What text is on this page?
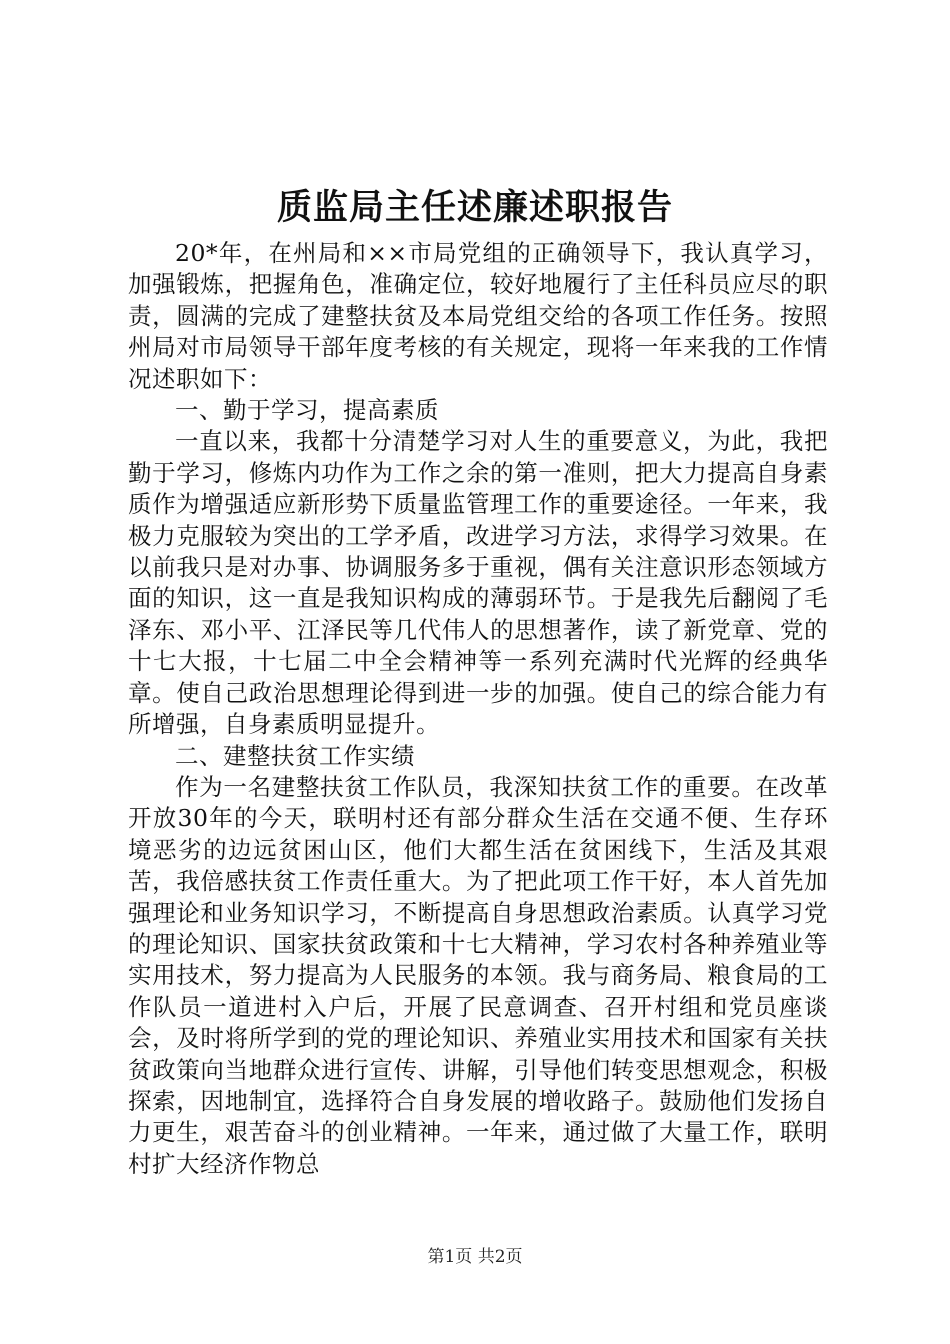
质监局主任述廉述职报告

20*年，在州局和××市局党组的正确领导下，我认真学习，加强锻炼，把握角色，准确定位，较好地履行了主任科员应尽的职责，圆满的完成了建整扶贫及本局党组交给的各项工作任务。按照州局对市局领导干部年度考核的有关规定，现将一年来我的工作情况述职如下：

一、勤于学习，提高素质

一直以来，我都十分清楚学习对人生的重要意义，为此，我把勤于学习，修炼内功作为工作之余的第一准则，把大力提高自身素质作为增强适应新形势下质量监管理工作的重要途径。一年来，我极力克服较为突出的工学矛盾，改进学习方法，求得学习效果。在以前我只是对办事、协调服务多于重视，偶有关注意识形态领域方面的知识，这一直是我知识构成的薄弱环节。于是我先后翻阅了毛泽东、邓小平、江泽民等几代伟人的思想著作，读了新党章、党的十七大报，十七届二中全会精神等一系列充满时代光辉的经典华章。使自己政治思想理论得到进一步的加强。使自己的综合能力有所增强，自身素质明显提升。

二、建整扶贫工作实绩

作为一名建整扶贫工作队员，我深知扶贫工作的重要。在改革开放30年的今天，联明村还有部分群众生活在交通不便、生存环境恶劣的边远贫困山区，他们大都生活在贫困线下，生活及其艰苦，我倍感扶贫工作责任重大。为了把此项工作干好，本人首先加强理论和业务知识学习，不断提高自身思想政治素质。认真学习党的理论知识、国家扶贫政策和十七大精神，学习农村各种养殖业等实用技术，努力提高为人民服务的本领。我与商务局、粮食局的工作队员一道进村入户后，开展了民意调查、召开村组和党员座谈会，及时将所学到的党的理论知识、养殖业实用技术和国家有关扶贫政策向当地群众进行宣传、讲解，引导他们转变思想观念，积极探索，因地制宜，选择符合自身发展的增收路子。鼓励他们发扬自力更生，艰苦奋斗的创业精神。一年来，通过做了大量工作，联明村扩大经济作物总

第1页 共2页
